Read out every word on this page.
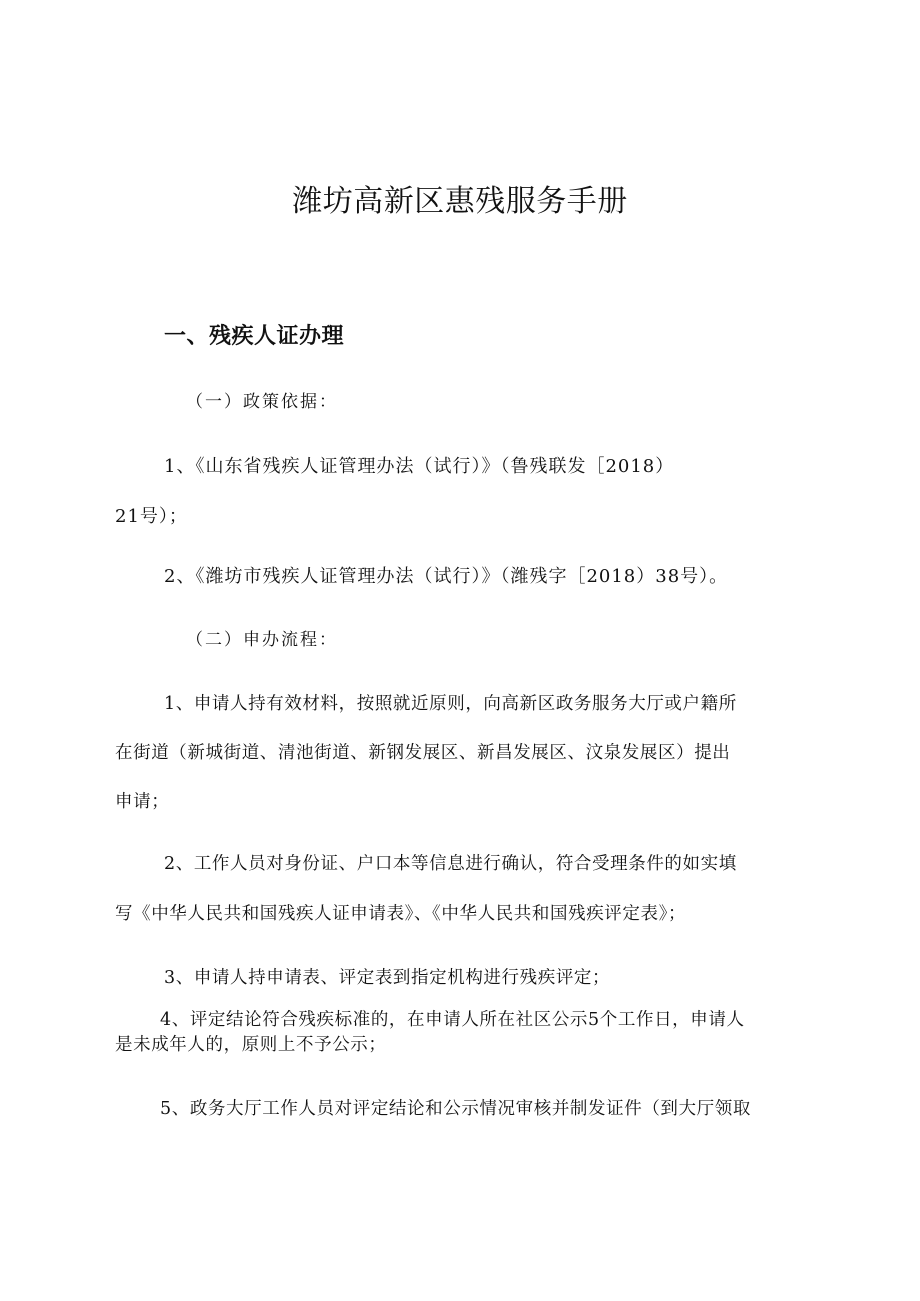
潍坊高新区惠残服务手册
一、残疾人证办理
（一）政策依据：
1、《山东省残疾人证管理办法（试行）》（鲁残联发［2018）
21号）；
2、《潍坊市残疾人证管理办法（试行）》（潍残字［2018）38号）。
（二）申办流程：
1、申请人持有效材料，按照就近原则，向高新区政务服务大厅或户籍所
在街道（新城街道、清池街道、新钢发展区、新昌发展区、汶泉发展区）提出
申请；
2、工作人员对身份证、户口本等信息进行确认，符合受理条件的如实填
写《中华人民共和国残疾人证申请表》、《中华人民共和国残疾评定表》；
3、申请人持申请表、评定表到指定机构进行残疾评定；
4、评定结论符合残疾标准的，在申请人所在社区公示5个工作日，申请人
是未成年人的，原则上不予公示；
5、政务大厅工作人员对评定结论和公示情况审核并制发证件（到大厅领取
